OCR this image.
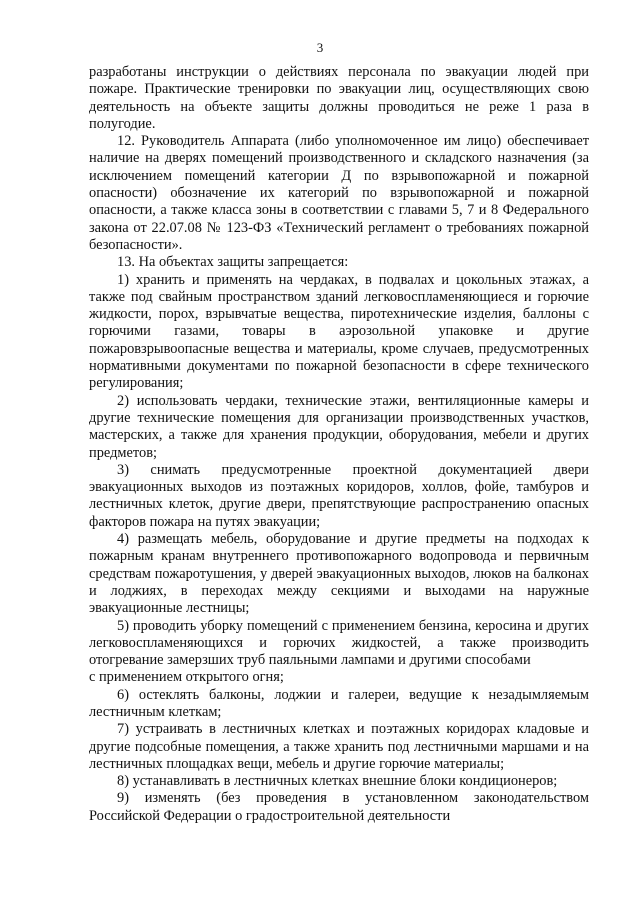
3

разработаны инструкции о действиях персонала по эвакуации людей при пожаре. Практические тренировки по эвакуации лиц, осуществляющих свою деятельность на объекте защиты должны проводиться не реже 1 раза в полугодие.

12. Руководитель Аппарата (либо уполномоченное им лицо) обеспечивает наличие на дверях помещений производственного и складского назначения (за исключением помещений категории Д по взрывопожарной и пожарной опасности) обозначение их категорий по взрывопожарной и пожарной опасности, а также класса зоны в соответствии с главами 5, 7 и 8 Федерального закона от 22.07.08 № 123-ФЗ «Технический регламент о требованиях пожарной безопасности».

13. На объектах защиты запрещается:

1) хранить и применять на чердаках, в подвалах и цокольных этажах, а также под свайным пространством зданий легковоспламеняющиеся и горючие жидкости, порох, взрывчатые вещества, пиротехнические изделия, баллоны с горючими газами, товары в аэрозольной упаковке и другие пожаровзрывоопасные вещества и материалы, кроме случаев, предусмотренных нормативными документами по пожарной безопасности в сфере технического регулирования;

2) использовать чердаки, технические этажи, вентиляционные камеры и другие технические помещения для организации производственных участков, мастерских, а также для хранения продукции, оборудования, мебели и других предметов;

3) снимать предусмотренные проектной документацией двери эвакуационных выходов из поэтажных коридоров, холлов, фойе, тамбуров и лестничных клеток, другие двери, препятствующие распространению опасных факторов пожара на путях эвакуации;

4) размещать мебель, оборудование и другие предметы на подходах к пожарным кранам внутреннего противопожарного водопровода и первичным средствам пожаротушения, у дверей эвакуационных выходов, люков на балконах и лоджиях, в переходах между секциями и выходами на наружные эвакуационные лестницы;

5) проводить уборку помещений с применением бензина, керосина и других легковоспламеняющихся и горючих жидкостей, а также производить отогревание замерзших труб паяльными лампами и другими способами

с применением открытого огня;

6) остеклять балконы, лоджии и галереи, ведущие к незадымляемым лестничным клеткам;

7) устраивать в лестничных клетках и поэтажных коридорах кладовые и другие подсобные помещения, а также хранить под лестничными маршами и на лестничных площадках вещи, мебель и другие горючие материалы;

8) устанавливать в лестничных клетках внешние блоки кондиционеров;

9) изменять (без проведения в установленном законодательством Российской Федерации о градостроительной деятельности
